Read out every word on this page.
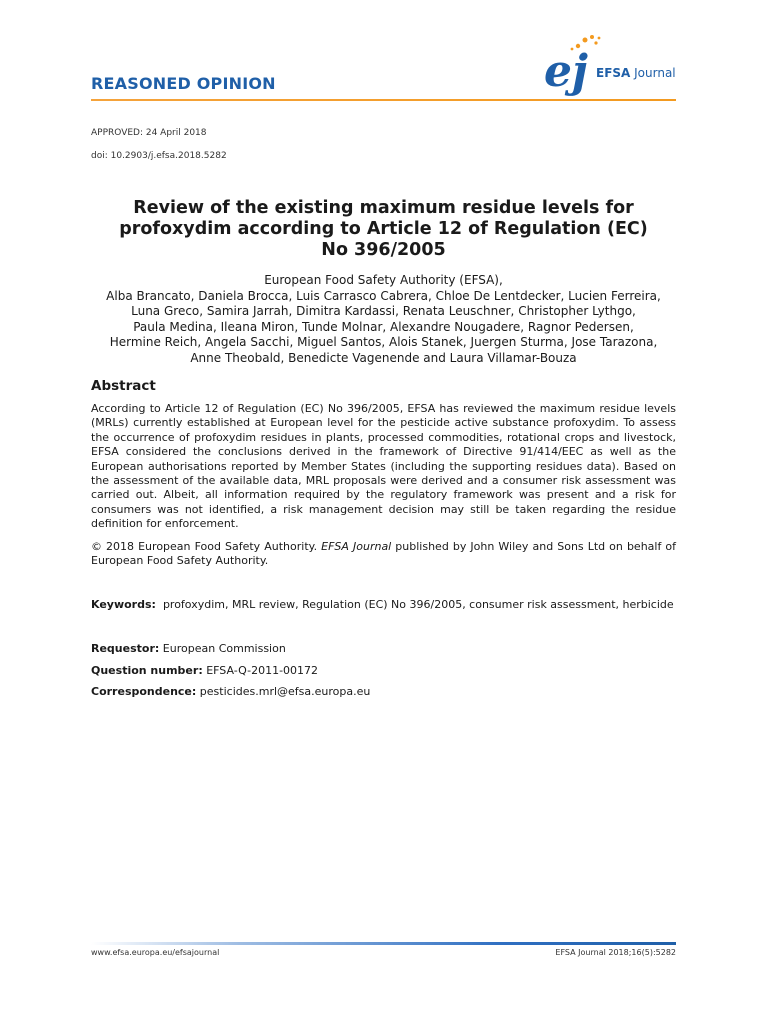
REASONED OPINION	ej EFSA Journal
APPROVED: 24 April 2018
doi: 10.2903/j.efsa.2018.5282
Review of the existing maximum residue levels for
profoxydim according to Article 12 of Regulation (EC)
No 396/2005
European Food Safety Authority (EFSA),
Alba Brancato, Daniela Brocca, Luis Carrasco Cabrera, Chloe De Lentdecker, Lucien Ferreira,
Luna Greco, Samira Jarrah, Dimitra Kardassi, Renata Leuschner, Christopher Lythgo,
Paula Medina, Ileana Miron, Tunde Molnar, Alexandre Nougadere, Ragnor Pedersen,
Hermine Reich, Angela Sacchi, Miguel Santos, Alois Stanek, Juergen Sturma, Jose Tarazona,
Anne Theobald, Benedicte Vagenende and Laura Villamar-Bouza
Abstract

According to Article 12 of Regulation (EC) No 396/2005, EFSA has reviewed the maximum residue levels (MRLs) currently established at European level for the pesticide active substance profoxydim. To assess the occurrence of profoxydim residues in plants, processed commodities, rotational crops and livestock, EFSA considered the conclusions derived in the framework of Directive 91/414/EEC as well as the European authorisations reported by Member States (including the supporting residues data). Based on the assessment of the available data, MRL proposals were derived and a consumer risk assessment was carried out. Albeit, all information required by the regulatory framework was present and a risk for consumers was not identified, a risk management decision may still be taken regarding the residue definition for enforcement.

© 2018 European Food Safety Authority. EFSA Journal published by John Wiley and Sons Ltd on behalf of European Food Safety Authority.

Keywords: profoxydim, MRL review, Regulation (EC) No 396/2005, consumer risk assessment, herbicide
Requestor: European Commission
Question number: EFSA-Q-2011-00172
Correspondence: pesticides.mrl@efsa.europa.eu
www.efsa.europa.eu/efsajournal	EFSA Journal 2018;16(5):5282
